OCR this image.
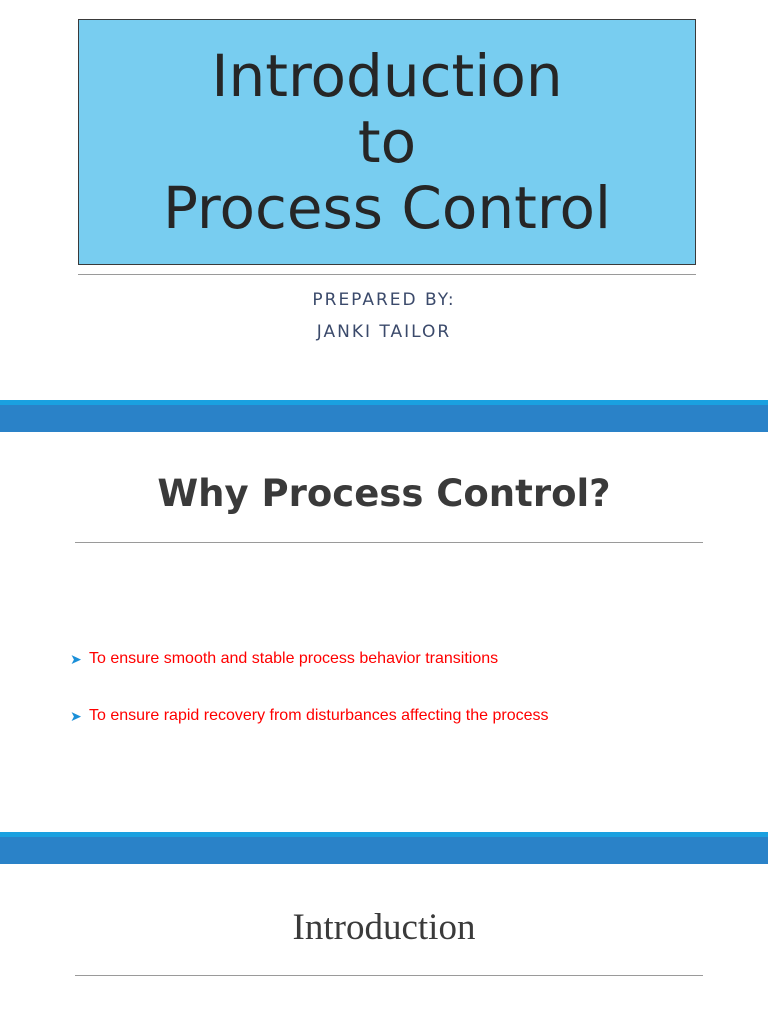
Introduction
to
Process Control
PREPARED BY:
JANKI TAILOR
Why Process Control?
➤ To ensure smooth and stable process behavior transitions
➤ To ensure rapid recovery from disturbances affecting the process
Introduction
